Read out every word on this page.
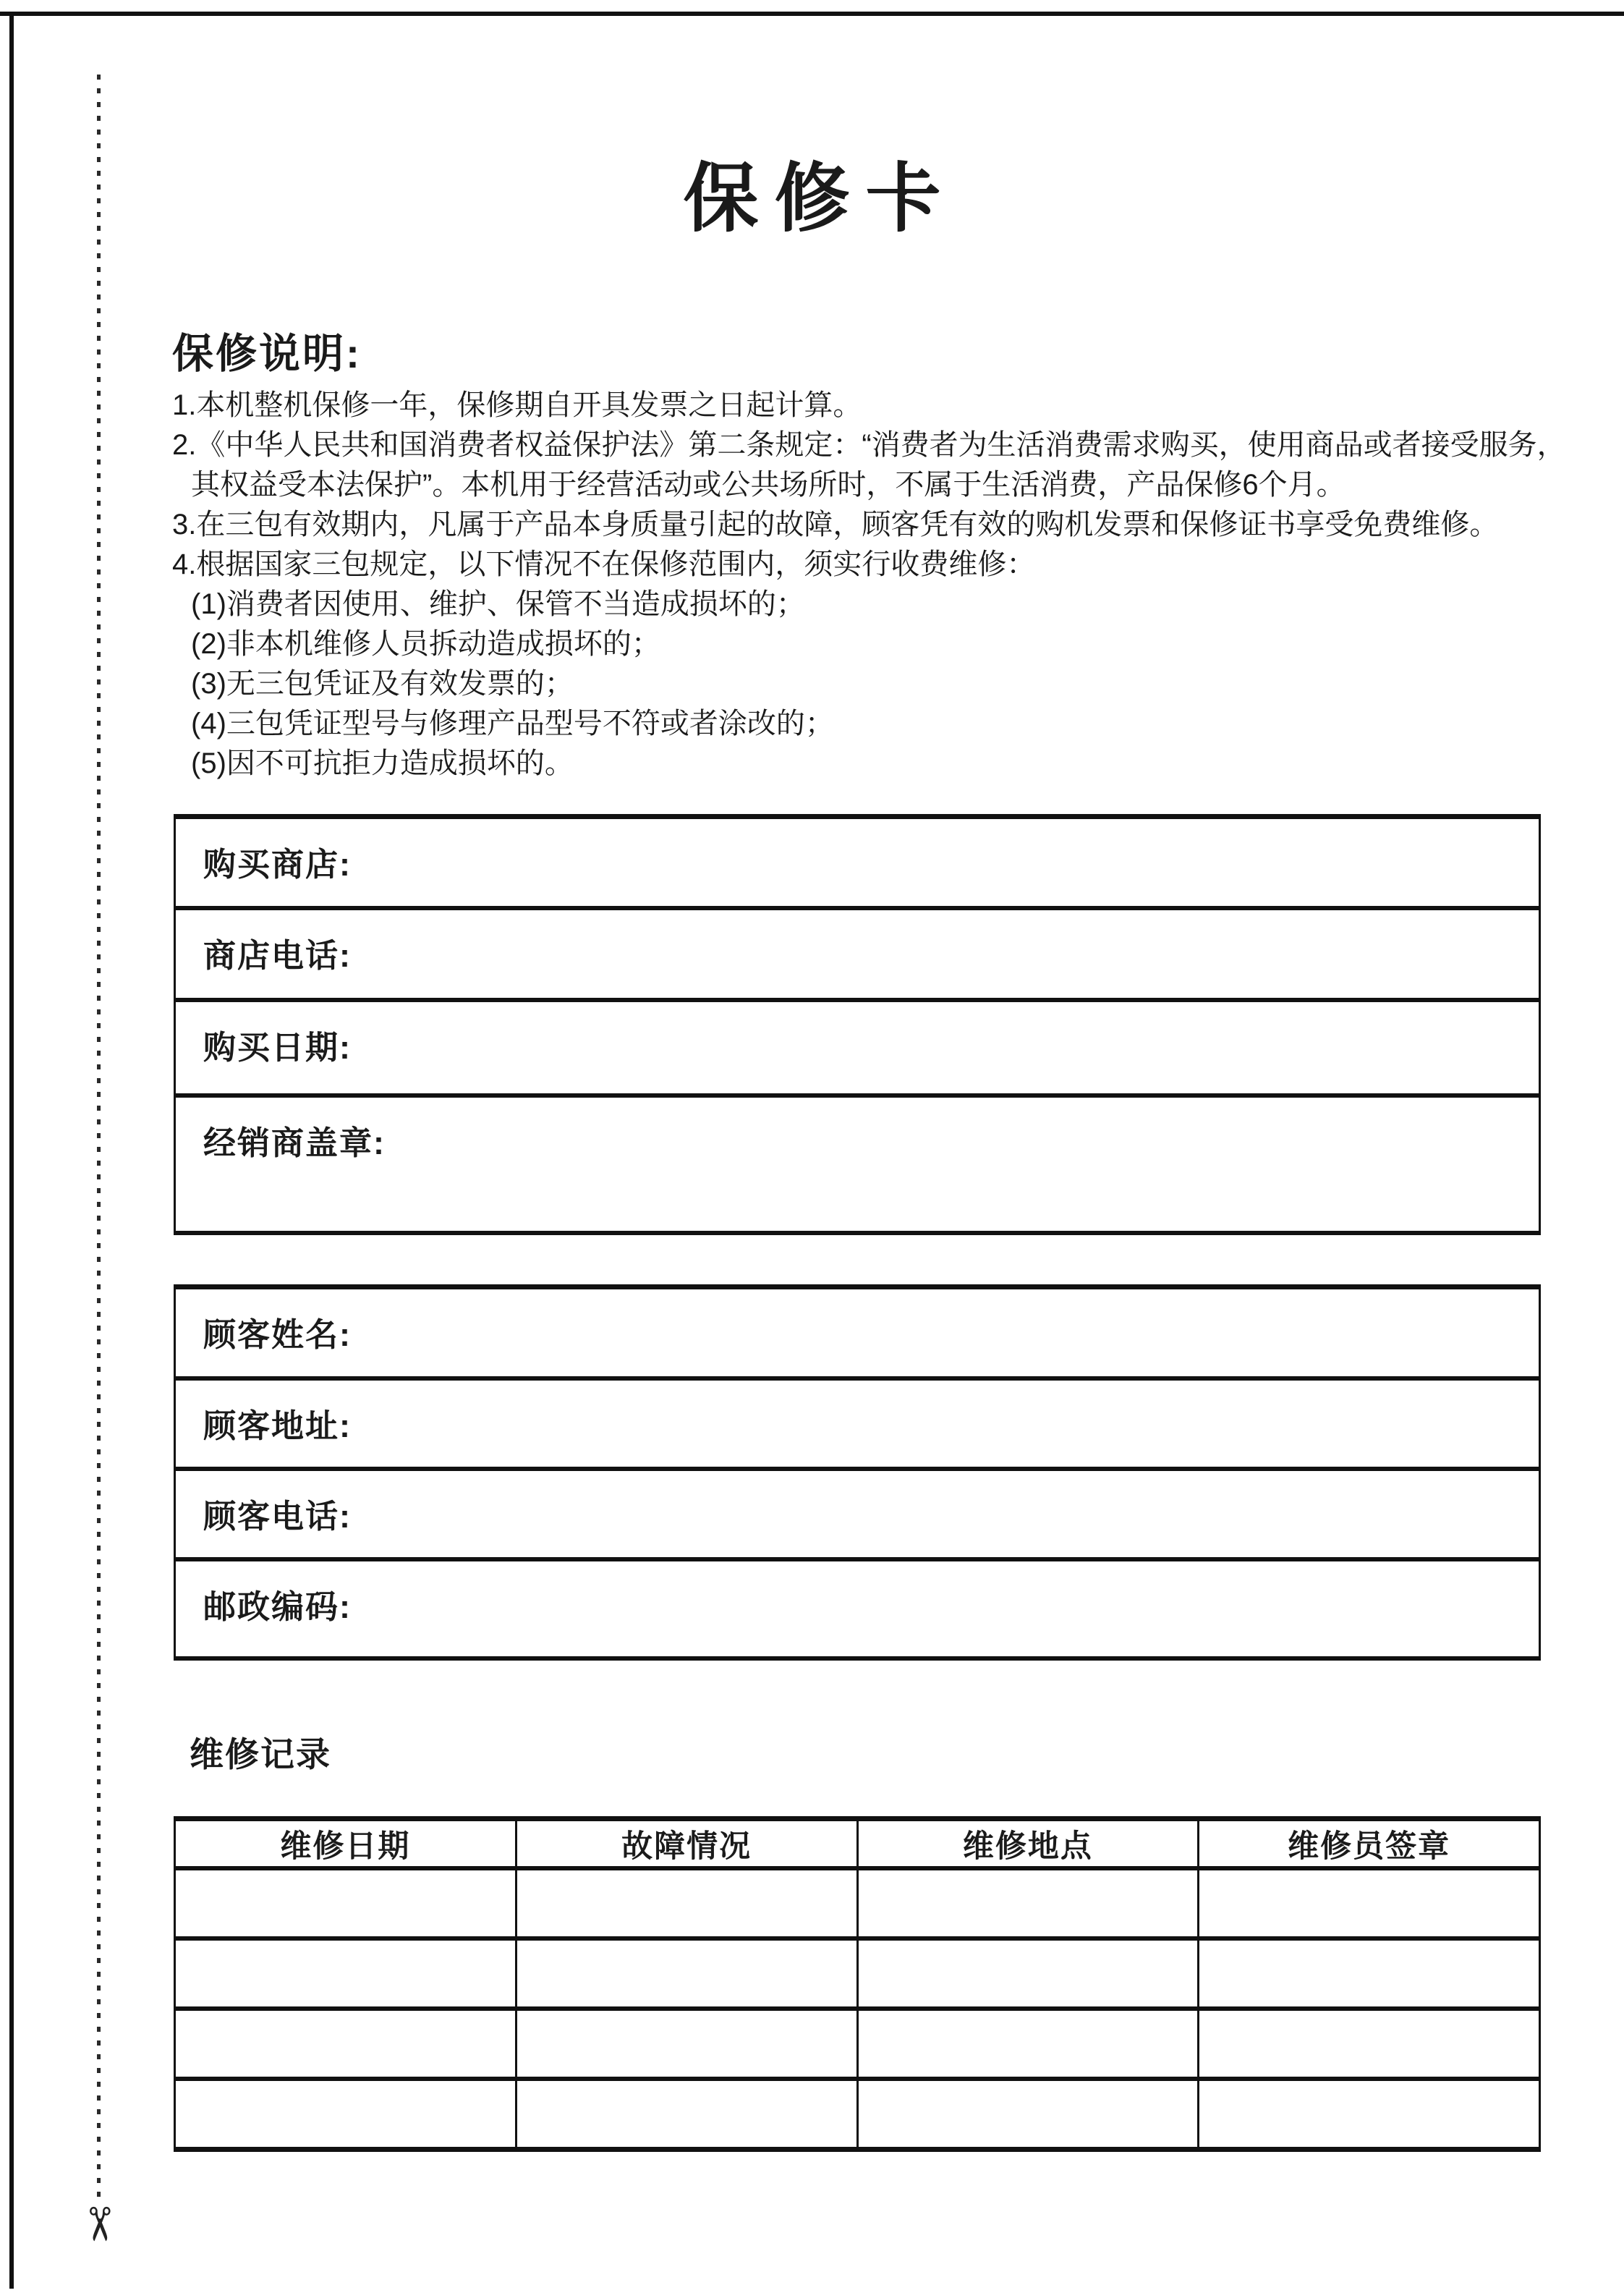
✂
保修卡
保修说明:
1.本机整机保修一年，保修期自开具发票之日起计算。
2.《中华人民共和国消费者权益保护法》第二条规定：“消费者为生活消费需求购买，使用商品或者接受服务，
其权益受本法保护”。本机用于经营活动或公共场所时，不属于生活消费，产品保修6个月。
3.在三包有效期内，凡属于产品本身质量引起的故障，顾客凭有效的购机发票和保修证书享受免费维修。
4.根据国家三包规定，以下情况不在保修范围内，须实行收费维修：
(1)消费者因使用、维护、保管不当造成损坏的；
(2)非本机维修人员拆动造成损坏的；
(3)无三包凭证及有效发票的；
(4)三包凭证型号与修理产品型号不符或者涂改的；
(5)因不可抗拒力造成损坏的。
购买商店:
商店电话:
购买日期:
经销商盖章:
顾客姓名:
顾客地址:
顾客电话:
邮政编码:
维修记录
维修日期	故障情况	维修地点	维修员签章
